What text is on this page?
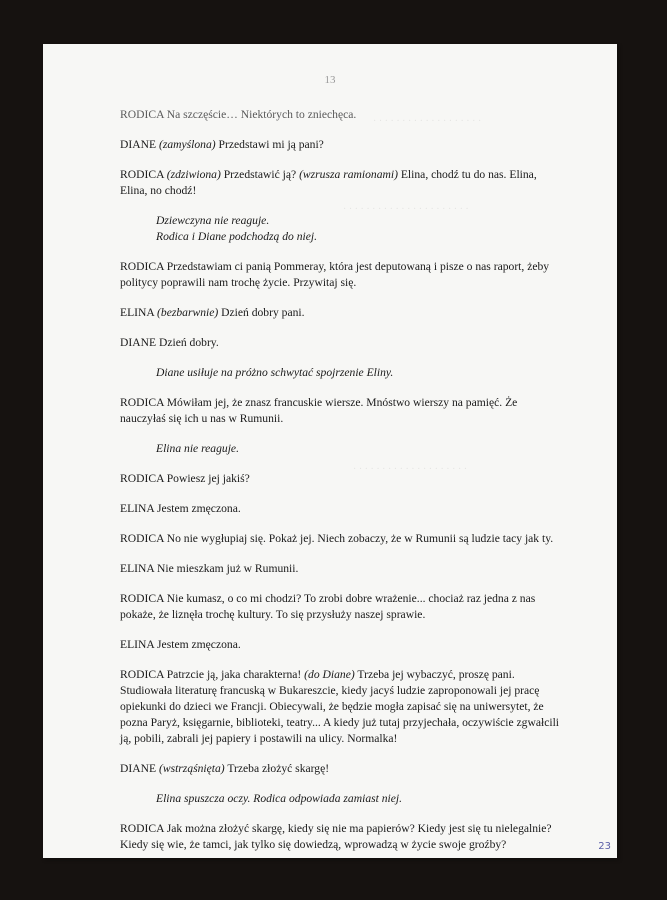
· · · · · · · · · · · · · · · · · · ·
· · · · · · · · · · · · · · · · · · · · · ·
· · · · · · · · · · · · · · · · · · · ·
13

RODICA Na szczęście… Niektórych to zniechęca.

DIANE (zamyślona) Przedstawi mi ją pani?

RODICA (zdziwiona) Przedstawić ją? (wzrusza ramionami) Elina, chodź tu do nas. Elina, Elina, no chodź!

Dziewczyna nie reaguje.
Rodica i Diane podchodzą do niej.

RODICA Przedstawiam ci panią Pommeray, która jest deputowaną i pisze o nas raport, żeby politycy poprawili nam trochę życie. Przywitaj się.

ELINA (bezbarwnie) Dzień dobry pani.

DIANE Dzień dobry.

Diane usiłuje na próżno schwytać spojrzenie Eliny.

RODICA Mówiłam jej, że znasz francuskie wiersze. Mnóstwo wierszy na pamięć. Że nauczyłaś się ich u nas w Rumunii.

Elina nie reaguje.

RODICA Powiesz jej jakiś?

ELINA Jestem zmęczona.

RODICA No nie wygłupiaj się. Pokaż jej. Niech zobaczy, że w Rumunii są ludzie tacy jak ty.

ELINA Nie mieszkam już w Rumunii.

RODICA Nie kumasz, o co mi chodzi? To zrobi dobre wrażenie... chociaż raz jedna z nas pokaże, że liznęła trochę kultury. To się przysłuży naszej sprawie.

ELINA Jestem zmęczona.

RODICA Patrzcie ją, jaka charakterna! (do Diane) Trzeba jej wybaczyć, proszę pani. Studiowała literaturę francuską w Bukareszcie, kiedy jacyś ludzie zaproponowali jej pracę opiekunki do dzieci we Francji. Obiecywali, że będzie mogła zapisać się na uniwersytet, że pozna Paryż, księgarnie, biblioteki, teatry... A kiedy już tutaj przyjechała, oczywiście zgwałcili ją, pobili, zabrali jej papiery i postawili na ulicy. Normalka!

DIANE (wstrząśnięta) Trzeba złożyć skargę!

Elina spuszcza oczy. Rodica odpowiada zamiast niej.

RODICA Jak można złożyć skargę, kiedy się nie ma papierów? Kiedy jest się tu nielegalnie? Kiedy się wie, że tamci, jak tylko się dowiedzą, wprowadzą w życie swoje groźby?	23
